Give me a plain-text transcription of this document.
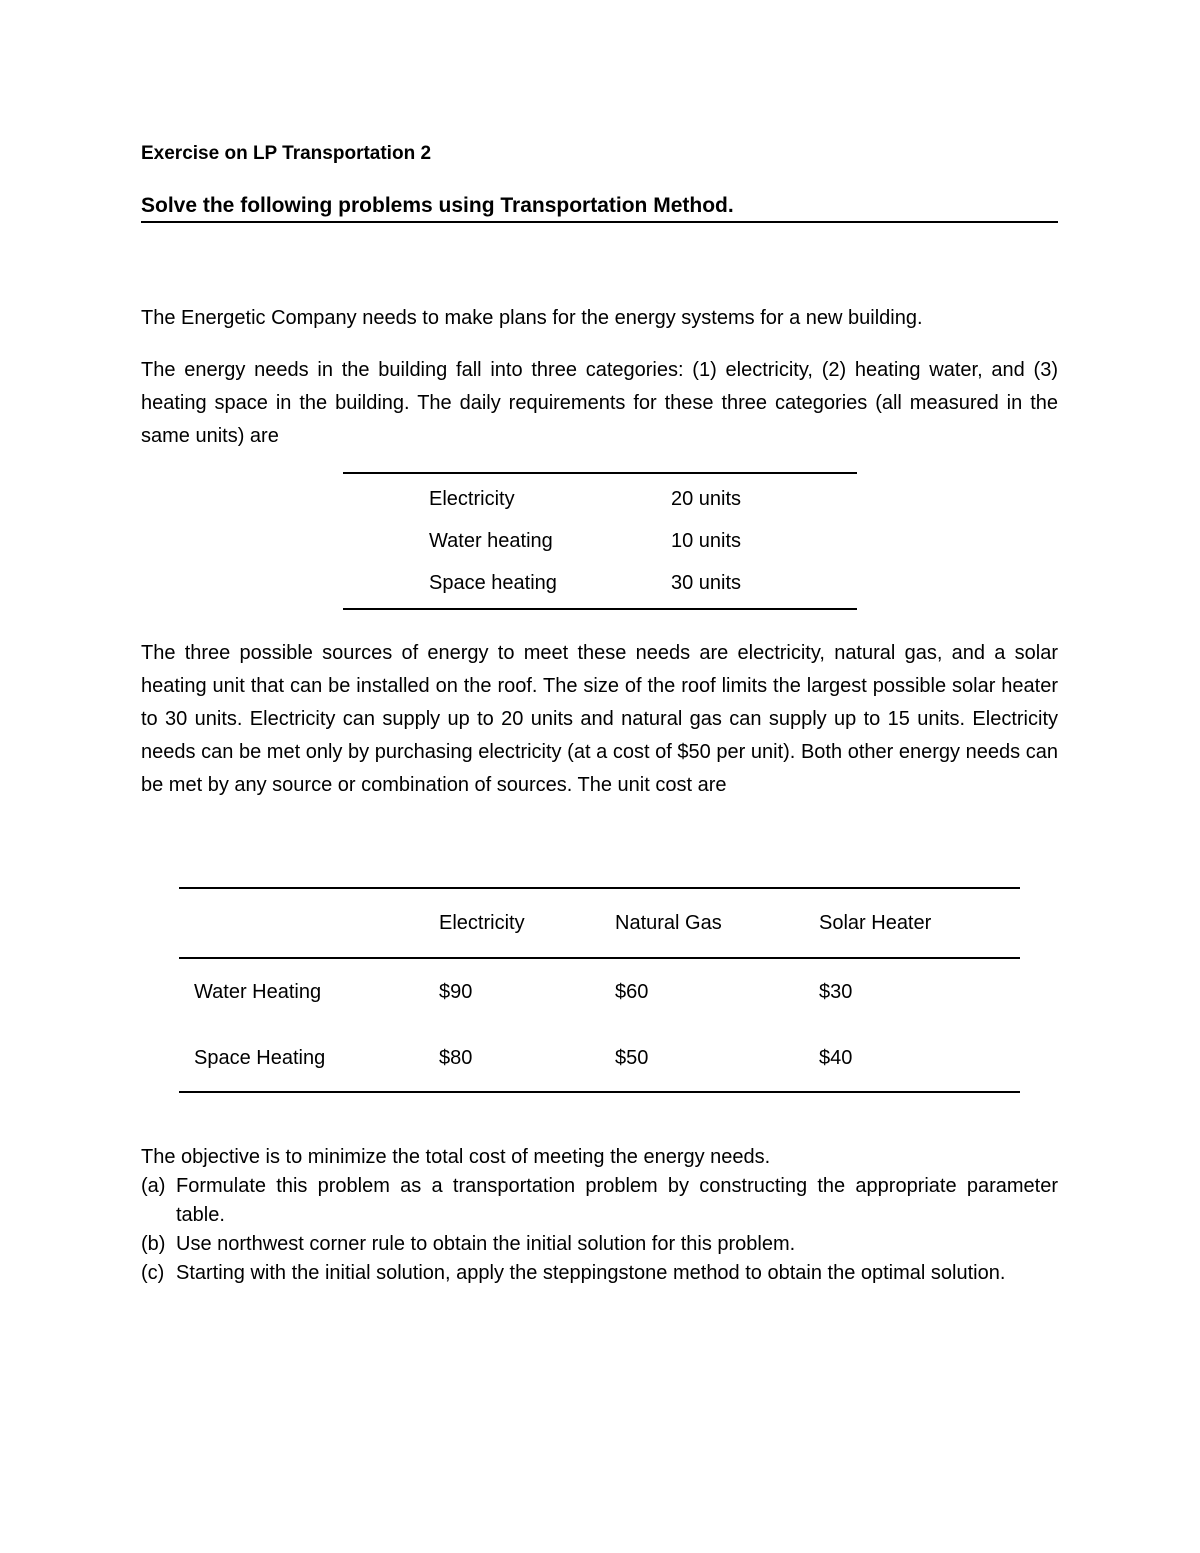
Exercise on LP Transportation 2
Solve the following problems using Transportation Method.

The Energetic Company needs to make plans for the energy systems for a new building.

The energy needs in the building fall into three categories: (1) electricity, (2) heating water, and (3) heating space in the building. The daily requirements for these three categories (all measured in the same units) are

Electricity	20 units
Water heating	10 units
Space heating	30 units

The three possible sources of energy to meet these needs are electricity, natural gas, and a solar heating unit that can be installed on the roof. The size of the roof limits the largest possible solar heater to 30 units. Electricity can supply up to 20 units and natural gas can supply up to 15 units. Electricity needs can be met only by purchasing electricity (at a cost of $50 per unit). Both other energy needs can be met by any source or combination of sources. The unit cost are

	Electricity	Natural Gas	Solar Heater
Water Heating	$90	$60	$30
Space Heating	$80	$50	$40

The objective is to minimize the total cost of meeting the energy needs.

(a) Formulate this problem as a transportation problem by constructing the appropriate parameter table.
(b) Use northwest corner rule to obtain the initial solution for this problem.
(c) Starting with the initial solution, apply the steppingstone method to obtain the optimal solution.
